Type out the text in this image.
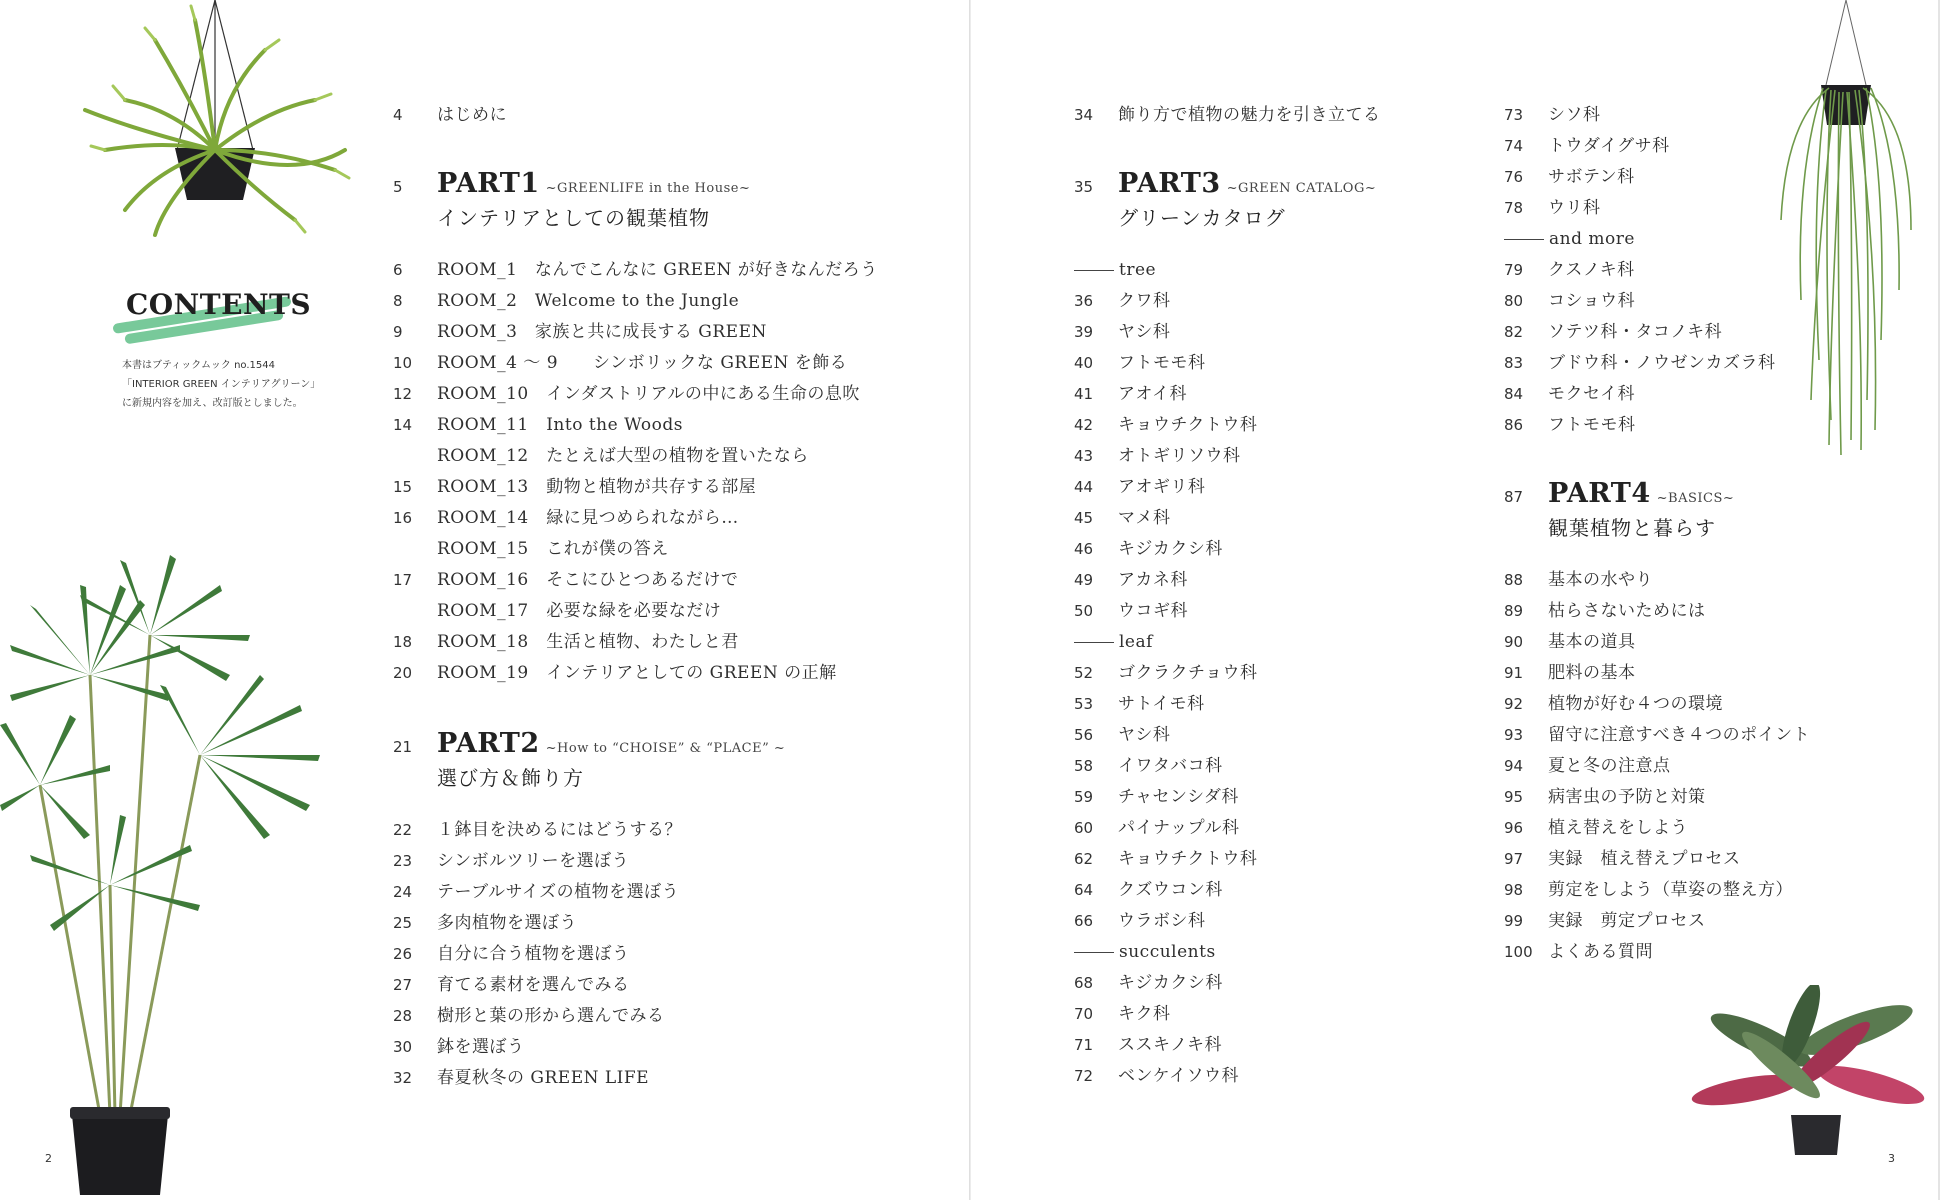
CONTENTS
本書はブティックムック no.1544
「INTERIOR GREEN インテリアグリーン」
に新規内容を加え、改訂版としました。
4	はじめに
5	PART1 ~GREENLIFE in the House~
インテリアとしての観葉植物
6	ROOM_1　なんでこんなに GREEN が好きなんだろう
8	ROOM_2　Welcome to the Jungle
9	ROOM_3　家族と共に成長する GREEN
10	ROOM_4 〜 9　　シンボリックな GREEN を飾る
12	ROOM_10　インダストリアルの中にある生命の息吹
14	ROOM_11　Into the Woods
ROOM_12　たとえば大型の植物を置いたなら
15	ROOM_13　動物と植物が共存する部屋
16	ROOM_14　緑に見つめられながら…
ROOM_15　これが僕の答え
17	ROOM_16　そこにひとつあるだけで
ROOM_17　必要な緑を必要なだけ
18	ROOM_18　生活と植物、わたしと君
20	ROOM_19　インテリアとしての GREEN の正解
21 PART2 ~How to “CHOISE” & “PLACE” ~
選び方＆飾り方
22	１鉢目を決めるにはどうする？
23	シンボルツリーを選ぼう
24	テーブルサイズの植物を選ぼう
25	多肉植物を選ぼう
26	自分に合う植物を選ぼう
27	育てる素材を選んでみる
28	樹形と葉の形から選んでみる
30	鉢を選ぼう
32	春夏秋冬の GREEN LIFE
2
34	飾り方で植物の魅力を引き立てる
35 PART3 ~GREEN CATALOG~
グリーンカタログ
tree
36	クワ科
39	ヤシ科
40	フトモモ科
41	アオイ科
42	キョウチクトウ科
43	オトギリソウ科
44	アオギリ科
45	マメ科
46	キジカクシ科
49	アカネ科
50	ウコギ科
leaf
52	ゴクラクチョウ科
53	サトイモ科
56	ヤシ科
58	イワタバコ科
59	チャセンシダ科
60	パイナップル科
62	キョウチクトウ科
64	クズウコン科
66	ウラボシ科
succulents
68	キジカクシ科
70	キク科
71	ススキノキ科
72	ベンケイソウ科
73	シソ科
74	トウダイグサ科
76	サボテン科
78	ウリ科
and more
79	クスノキ科
80	コショウ科
82	ソテツ科・タコノキ科
83	ブドウ科・ノウゼンカズラ科
84	モクセイ科
86	フトモモ科
87 PART4 ~BASICS~
観葉植物と暮らす
88	基本の水やり
89	枯らさないためには
90	基本の道具
91	肥料の基本
92	植物が好む４つの環境
93	留守に注意すべき４つのポイント
94	夏と冬の注意点
95	病害虫の予防と対策
96	植え替えをしよう
97	実録　植え替えプロセス
98	剪定をしよう（草姿の整え方）
99	実録　剪定プロセス
100 よくある質問
3
